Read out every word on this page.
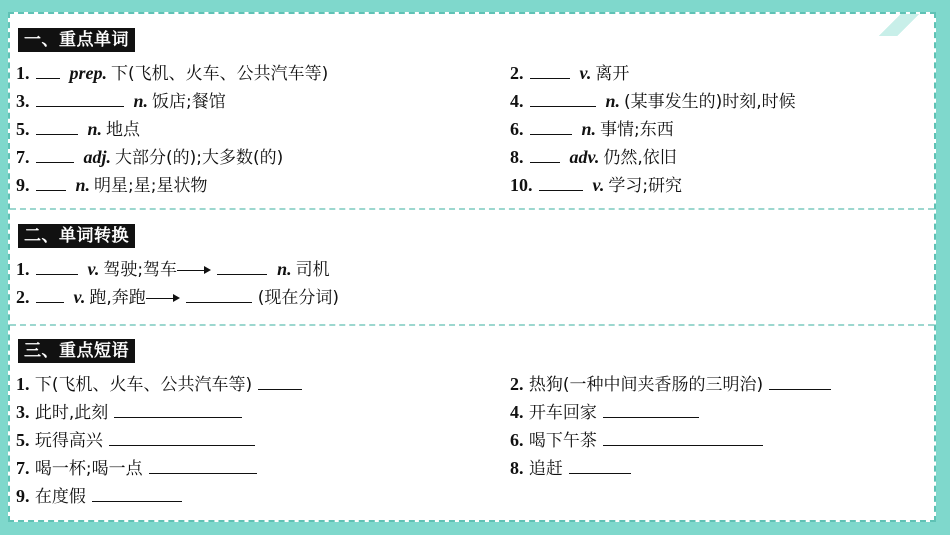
一、重点单词
1. prep. 下(飞机、火车、公共汽车等)	2.	v. 离开
3.	n. 饭店;餐馆	4.	n. (某事发生的)时刻,时候
5.	n. 地点	6.	n. 事情;东西
7.	adj. 大部分(的);大多数(的)	8.	adv. 仍然,依旧
9.	n. 明星;星;星状物	10.	v. 学习;研究
二、单词转换
1.	v. 驾驶;驾车	n. 司机
2. v. 跑,奔跑	(现在分词)
三、重点短语
1. 下(飞机、火车、公共汽车等)	2. 热狗(一种中间夹香肠的三明治)
3. 此时,此刻	4. 开车回家
5. 玩得高兴	6. 喝下午茶
7. 喝一杯;喝一点	8. 追赶
9. 在度假
